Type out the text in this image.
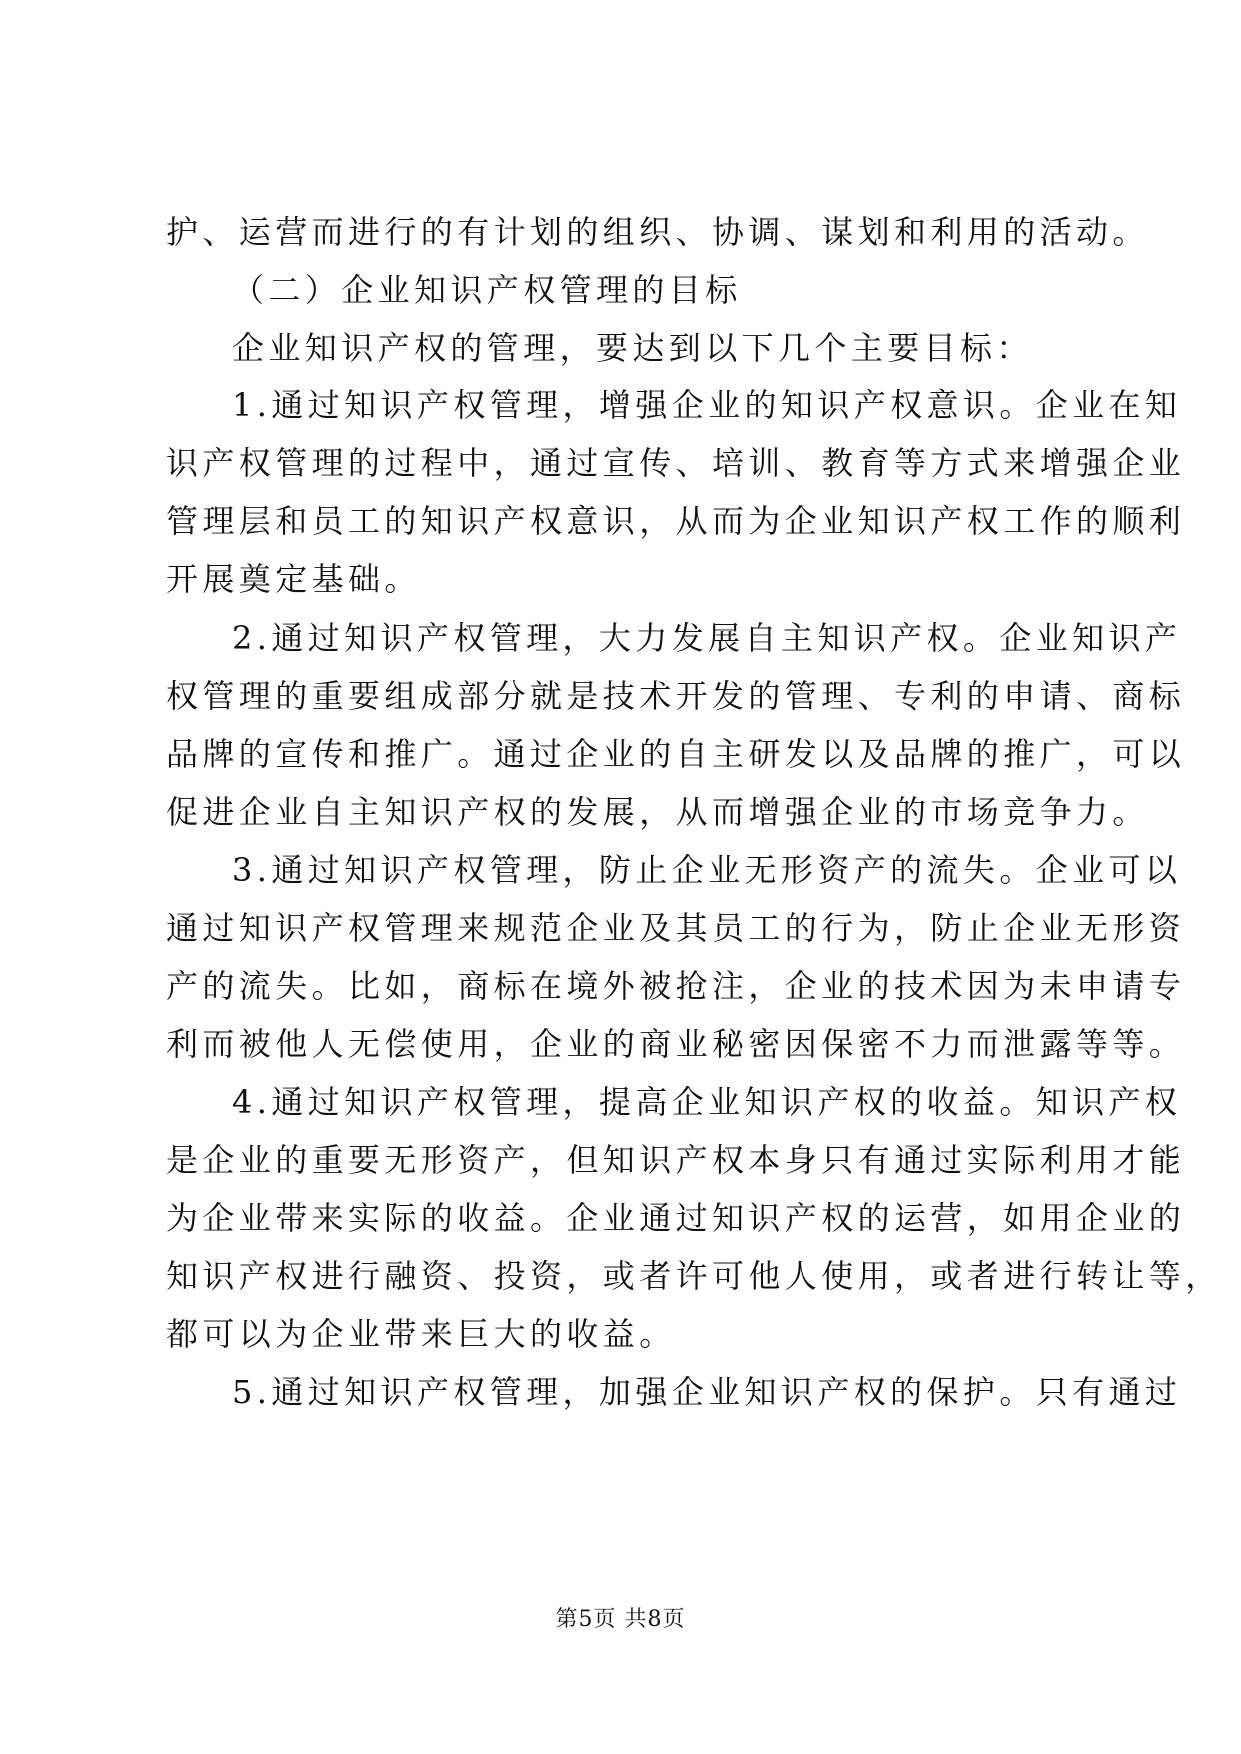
护、运营而进行的有计划的组织、协调、谋划和利用的活动。
（二）企业知识产权管理的目标
企业知识产权的管理，要达到以下几个主要目标：
1.通过知识产权管理，增强企业的知识产权意识。企业在知
识产权管理的过程中，通过宣传、培训、教育等方式来增强企业
管理层和员工的知识产权意识，从而为企业知识产权工作的顺利
开展奠定基础。
2.通过知识产权管理，大力发展自主知识产权。企业知识产
权管理的重要组成部分就是技术开发的管理、专利的申请、商标
品牌的宣传和推广。通过企业的自主研发以及品牌的推广，可以
促进企业自主知识产权的发展，从而增强企业的市场竞争力。
3.通过知识产权管理，防止企业无形资产的流失。企业可以
通过知识产权管理来规范企业及其员工的行为，防止企业无形资
产的流失。比如，商标在境外被抢注，企业的技术因为未申请专
利而被他人无偿使用，企业的商业秘密因保密不力而泄露等等。
4.通过知识产权管理，提高企业知识产权的收益。知识产权
是企业的重要无形资产，但知识产权本身只有通过实际利用才能
为企业带来实际的收益。企业通过知识产权的运营，如用企业的
知识产权进行融资、投资，或者许可他人使用，或者进行转让等，
都可以为企业带来巨大的收益。
5.通过知识产权管理，加强企业知识产权的保护。只有通过
第5页 共8页
